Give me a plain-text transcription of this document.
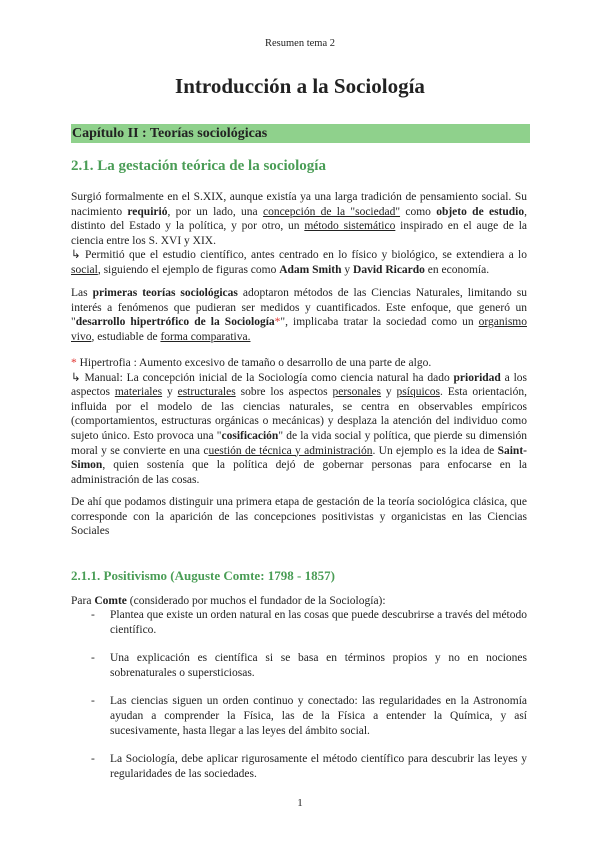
Resumen tema 2
Introducción a la Sociología
Capítulo II : Teorías sociológicas
2.1. La gestación teórica de la sociología

Surgió formalmente en el S.XIX, aunque existía ya una larga tradición de pensamiento social. Su nacimiento requirió, por un lado, una concepción de la "sociedad" como objeto de estudio, distinto del Estado y la política, y por otro, un método sistemático inspirado en el auge de la ciencia entre los S. XVI y XIX.

↳ Permitió que el estudio científico, antes centrado en lo físico y biológico, se extendiera a lo social, siguiendo el ejemplo de figuras como Adam Smith y David Ricardo en economía.

Las primeras teorías sociológicas adoptaron métodos de las Ciencias Naturales, limitando su interés a fenómenos que pudieran ser medidos y cuantificados. Este enfoque, que generó un "desarrollo hipertrófico de la Sociología*", implicaba tratar la sociedad como un organismo vivo, estudiable de forma comparativa.

* Hipertrofia : Aumento excesivo de tamaño o desarrollo de una parte de algo.

↳ Manual: La concepción inicial de la Sociología como ciencia natural ha dado prioridad a los aspectos materiales y estructurales sobre los aspectos personales y psíquicos. Esta orientación, influida por el modelo de las ciencias naturales, se centra en observables empíricos (comportamientos, estructuras orgánicas o mecánicas) y desplaza la atención del individuo como sujeto único. Esto provoca una "cosificación" de la vida social y política, que pierde su dimensión moral y se convierte en una cuestión de técnica y administración. Un ejemplo es la idea de Saint-Simon, quien sostenía que la política dejó de gobernar personas para enfocarse en la administración de las cosas.

De ahí que podamos distinguir una primera etapa de gestación de la teoría sociológica clásica, que corresponde con la aparición de las concepciones positivistas y organicistas en las Ciencias Sociales

2.1.1. Positivismo (Auguste Comte: 1798 - 1857)

Para Comte (considerado por muchos el fundador de la Sociología):

- Plantea que existe un orden natural en las cosas que puede descubrirse a través del método científico.

- Una explicación es científica si se basa en términos propios y no en nociones sobrenaturales o supersticiosas.

- Las ciencias siguen un orden continuo y conectado: las regularidades en la Astronomía ayudan a comprender la Física, las de la Física a entender la Química, y así sucesivamente, hasta llegar a las leyes del ámbito social.

- La Sociología, debe aplicar rigurosamente el método científico para descubrir las leyes y regularidades de las sociedades.

1
